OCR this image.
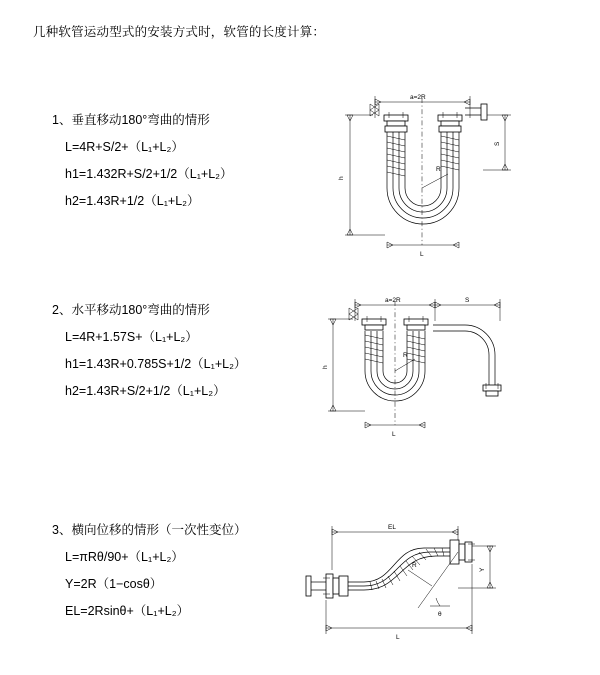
几种软管运动型式的安装方式时，软管的长度计算：
1、垂直移动180°弯曲的情形
L=4R+S/2+（L₁+L₂）
h1=1.432R+S/2+1/2（L₁+L₂）
h2=1.43R+1/2（L₁+L₂）
a=2R
h
S
R
L
2、水平移动180°弯曲的情形
L=4R+1.57S+（L₁+L₂）
h1=1.43R+0.785S+1/2（L₁+L₂）
h2=1.43R+S/2+1/2（L₁+L₂）
a=2R	S
h
R
L
3、横向位移的情形（一次性变位）
L=πRθ/90+（L₁+L₂）
Y=2R（1−cosθ）
EL=2Rsinθ+（L₁+L₂）
EL
Y
θ
R
L
